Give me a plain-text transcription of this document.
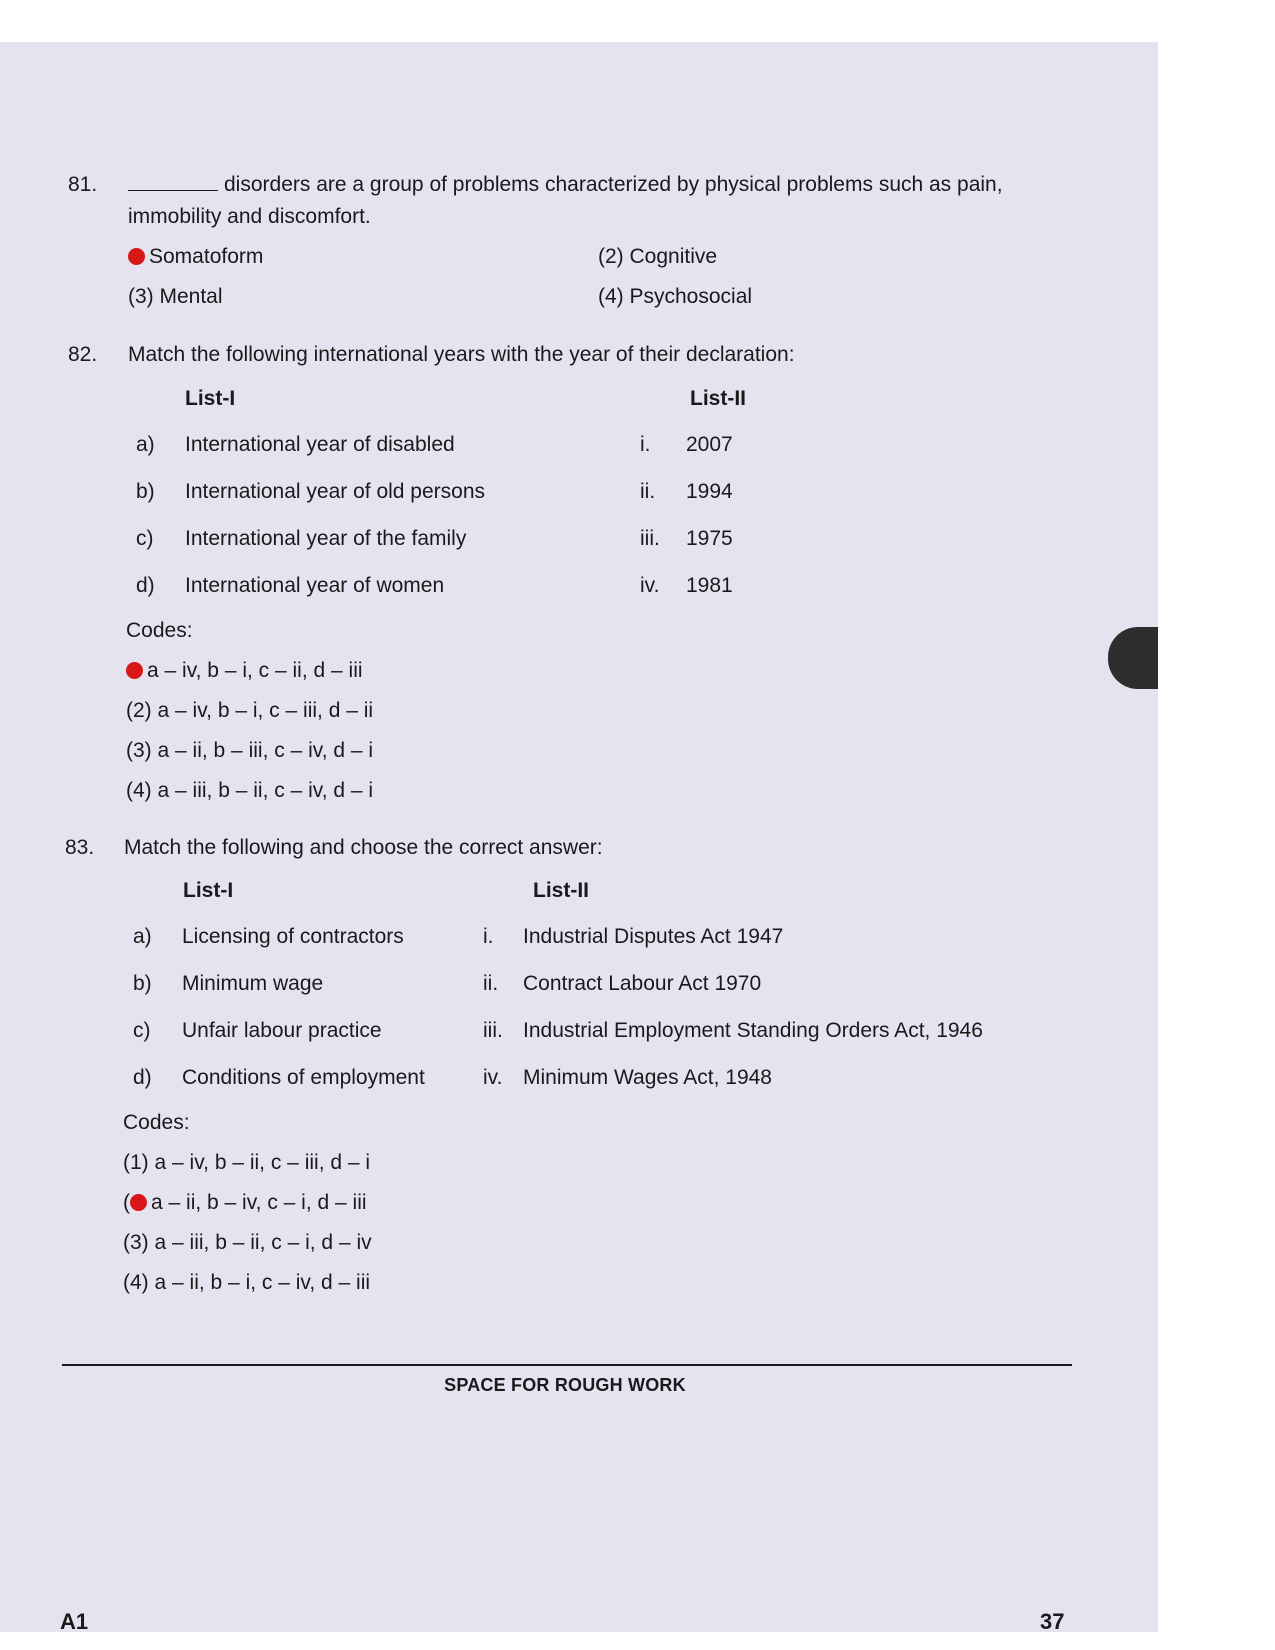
81.	disorders are a group of problems characterized by physical problems such as pain,
immobility and discomfort.
Somatoform	(2) Cognitive
(3) Mental	(4) Psychosocial
82. Match the following international years with the year of their declaration:
List-I	List-II
a) International year of disabled	i. 2007
b) International year of old persons	ii. 1994
c) International year of the family	iii. 1975
d) International year of women	iv. 1981
Codes:
a – iv, b – i, c – ii, d – iii
(2) a – iv, b – i, c – iii, d – ii
(3) a – ii, b – iii, c – iv, d – i
(4) a – iii, b – ii, c – iv, d – i
83. Match the following and choose the correct answer:
List-I	List-II
a) Licensing of contractors	i. Industrial Disputes Act 1947
b) Minimum wage	ii. Contract Labour Act 1970
c) Unfair labour practice	iii. Industrial Employment Standing Orders Act, 1946
d) Conditions of employment	iv. Minimum Wages Act, 1948
Codes:
(1) a – iv, b – ii, c – iii, d – i
( a – ii, b – iv, c – i, d – iii
(3) a – iii, b – ii, c – i, d – iv
(4) a – ii, b – i, c – iv, d – iii
SPACE FOR ROUGH WORK
A1	37
